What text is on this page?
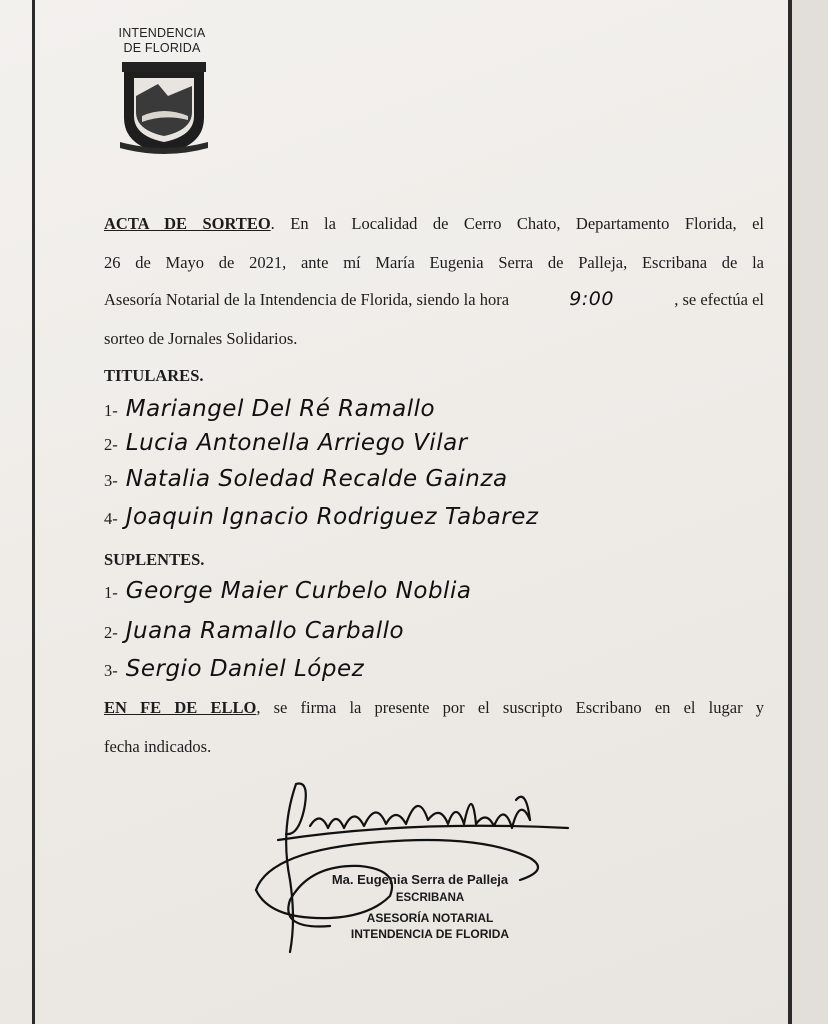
INTENDENCIA
DE FLORIDA
ACTA DE SORTEO. En la Localidad de Cerro Chato, Departamento Florida, el
26 de Mayo de 2021, ante mí María Eugenia Serra de Palleja, Escribana de la
Asesoría Notarial de la Intendencia de Florida, siendo la hora	9:00	, se efectúa el
sorteo de Jornales Solidarios.
TITULARES.
1- Mariangel Del Ré Ramallo
2- Lucia Antonella Arriego Vilar
3- Natalia Soledad Recalde Gainza
4- Joaquin Ignacio Rodriguez Tabarez
SUPLENTES.
1- George Maier Curbelo Noblia
2- Juana Ramallo Carballo
3- Sergio Daniel López
EN FE DE ELLO, se firma la presente por el suscripto Escribano en el lugar y
fecha indicados.
Ma. Eugenia Serra de Palleja
ESCRIBANA
ASESORÍA NOTARIAL
INTENDENCIA DE FLORIDA
